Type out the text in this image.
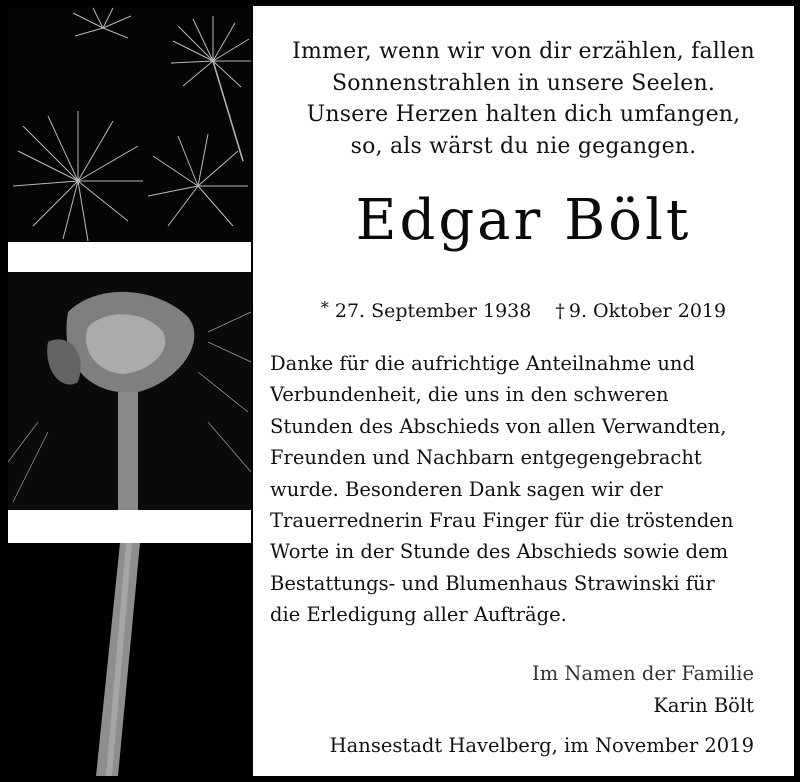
Immer, wenn wir von dir erzählen, fallen
Sonnenstrahlen in unsere Seelen.
Unsere Herzen halten dich umfangen,
so, als wärst du nie gegangen.
Edgar Bölt
* 27. September 1938 † 9. Oktober 2019
Danke für die aufrichtige Anteilnahme und
Verbundenheit, die uns in den schweren
Stunden des Abschieds von allen Verwandten,
Freunden und Nachbarn entgegengebracht
wurde. Besonderen Dank sagen wir der
Trauerrednerin Frau Finger für die tröstenden
Worte in der Stunde des Abschieds sowie dem
Bestattungs- und Blumenhaus Strawinski für
die Erledigung aller Aufträge.
Im Namen der Familie
Karin Bölt
Hansestadt Havelberg, im November 2019
